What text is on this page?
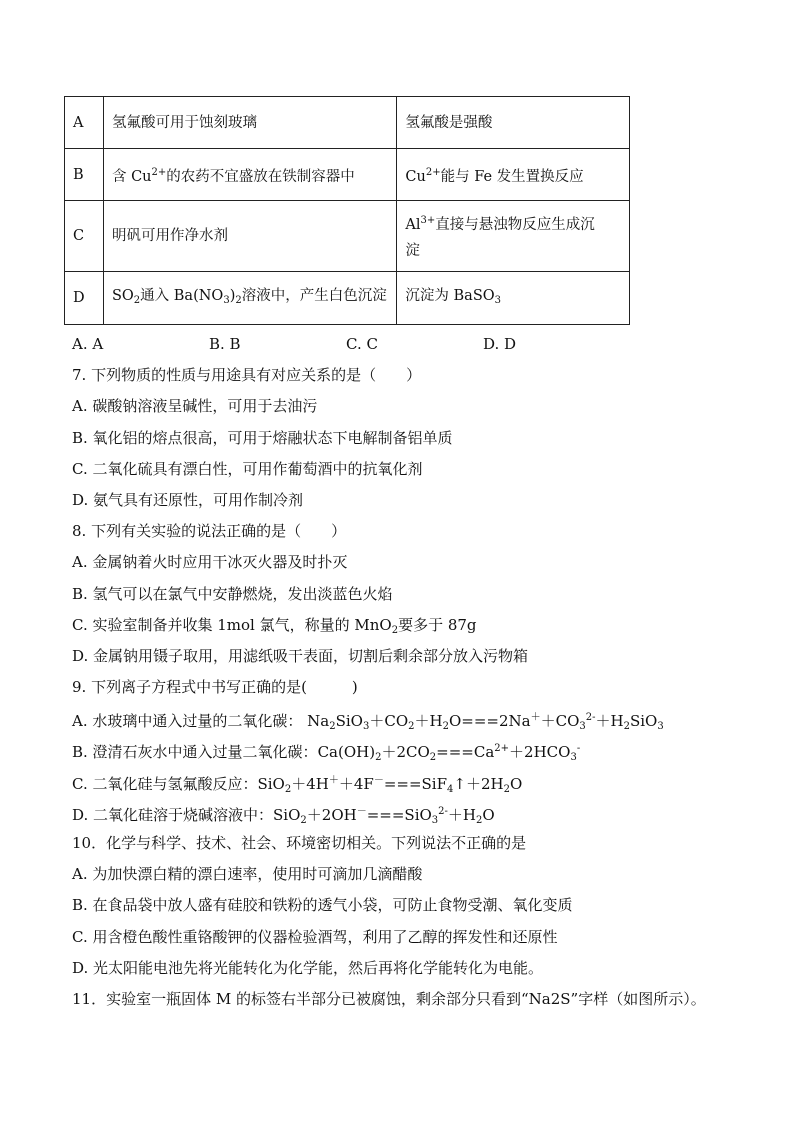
A	氢氟酸可用于蚀刻玻璃	氢氟酸是强酸
B	含 $Cu^{2+}$的农药不宜盛放在铁制容器中	$Cu^{2+}$能与 Fe 发生置换反应
C	明矾可用作净水剂	$Al^{3+}$直接与悬浊物反应生成沉
淀
D	$SO_2$通入 $Ba(NO_3)_2$溶液中，产生白色沉淀	沉淀为 BaSO$_3$
A. A	B. B	C. C	D. D
7. 下列物质的性质与用途具有对应关系的是（　　）
A. 碳酸钠溶液呈碱性，可用于去油污
B. 氧化铝的熔点很高，可用于熔融状态下电解制备铝单质
C. 二氧化硫具有漂白性，可用作葡萄酒中的抗氧化剂
D. 氨气具有还原性，可用作制冷剂
8. 下列有关实验的说法正确的是（　　）
A. 金属钠着火时应用干冰灭火器及时扑灭
B. 氢气可以在氯气中安静燃烧，发出淡蓝色火焰
C. 实验室制备并收集 1mol 氯气，称量的 MnO$_2$要多于 87g
D. 金属钠用镊子取用，用滤纸吸干表面，切割后剩余部分放入污物箱
9. 下列离子方程式中书写正确的是(　　　)
A. 水玻璃中通入过量的二氧化碳： $Na_2SiO_3+CO_2+H_2O===2Na^++CO_3^{2-}+H_2SiO_3$
B. 澄清石灰水中通入过量二氧化碳：$Ca(OH)_2+2CO_2===Ca^{2+}+2HCO_3^-$
C. 二氧化硅与氢氟酸反应：$SiO_2+4H^++4F^-===SiF_4↑+2H_2O$
D. 二氧化硅溶于烧碱溶液中：$SiO_2+2OH^-===SiO_3^{2-}+H_2O$
10．化学与科学、技术、社会、环境密切相关。下列说法不正确的是
A. 为加快漂白精的漂白速率，使用时可滴加几滴醋酸
B. 在食品袋中放人盛有硅胶和铁粉的透气小袋，可防止食物受潮、氧化变质
C. 用含橙色酸性重铬酸钾的仪器检验酒驾，利用了乙醇的挥发性和还原性
D. 光太阳能电池先将光能转化为化学能，然后再将化学能转化为电能。
11．实验室一瓶固体 M 的标签右半部分已被腐蚀，剩余部分只看到“Na2S”字样（如图所示）。
